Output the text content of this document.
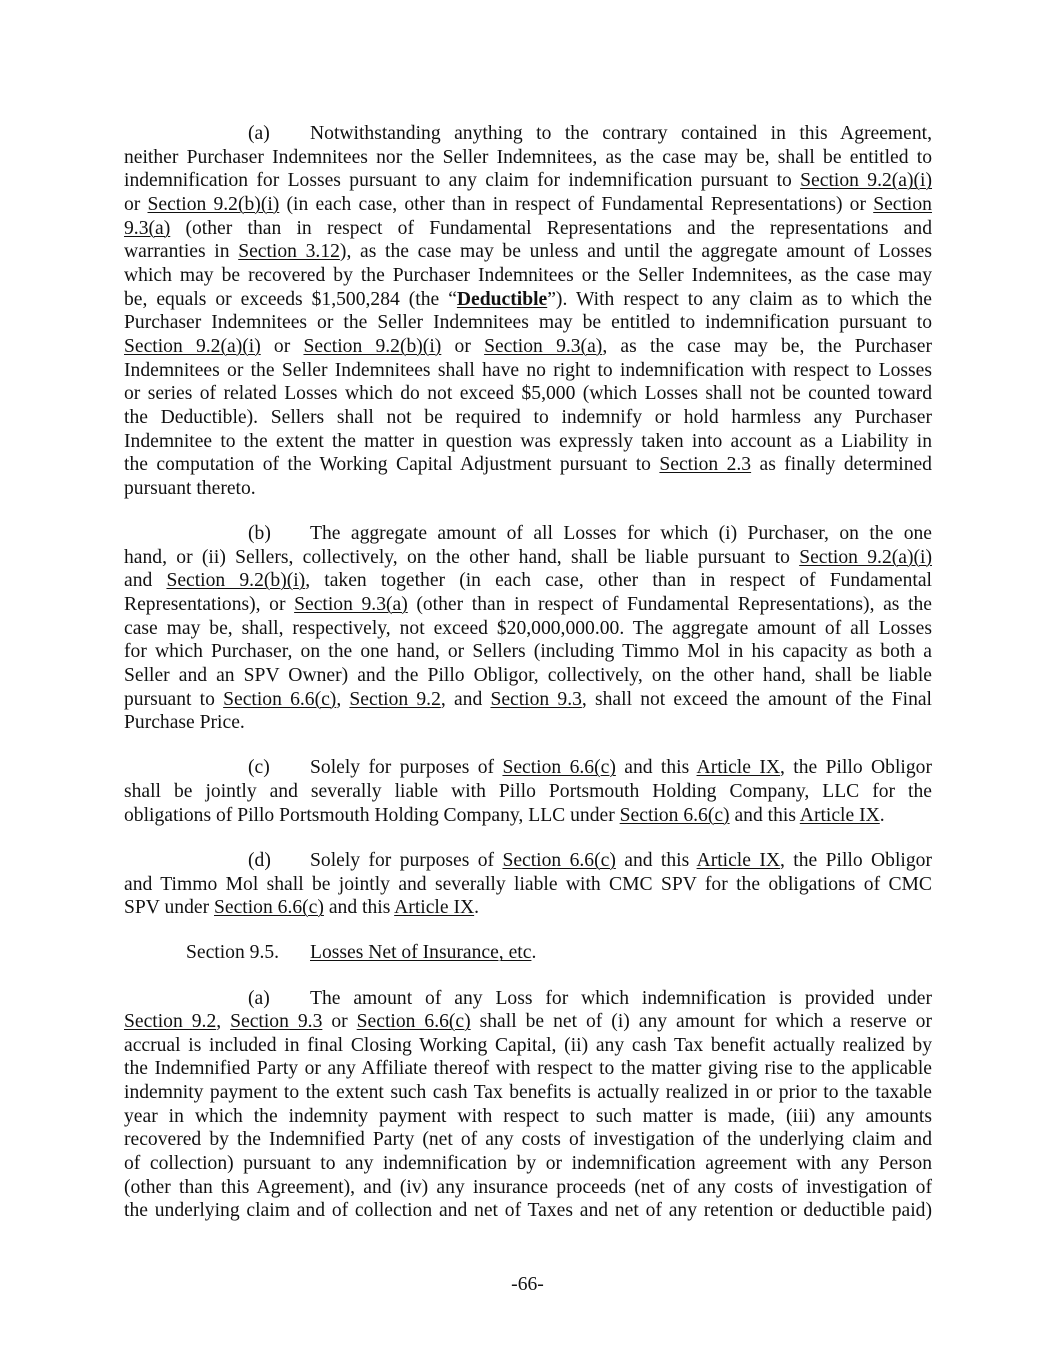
(a) Notwithstanding anything to the contrary contained in this Agreement,
neither Purchaser Indemnitees nor the Seller Indemnitees, as the case may be, shall be entitled to
indemnification for Losses pursuant to any claim for indemnification pursuant to Section 9.2(a)(i)
or Section 9.2(b)(i) (in each case, other than in respect of Fundamental Representations) or Section
9.3(a) (other than in respect of Fundamental Representations and the representations and
warranties in Section 3.12), as the case may be unless and until the aggregate amount of Losses
which may be recovered by the Purchaser Indemnitees or the Seller Indemnitees, as the case may
be, equals or exceeds $1,500,284 (the “Deductible”). With respect to any claim as to which the
Purchaser Indemnitees or the Seller Indemnitees may be entitled to indemnification pursuant to
Section 9.2(a)(i) or Section 9.2(b)(i) or Section 9.3(a), as the case may be, the Purchaser
Indemnitees or the Seller Indemnitees shall have no right to indemnification with respect to Losses
or series of related Losses which do not exceed $5,000 (which Losses shall not be counted toward
the Deductible). Sellers shall not be required to indemnify or hold harmless any Purchaser
Indemnitee to the extent the matter in question was expressly taken into account as a Liability in
the computation of the Working Capital Adjustment pursuant to Section 2.3 as finally determined
pursuant thereto.
(b) The aggregate amount of all Losses for which (i) Purchaser, on the one
hand, or (ii) Sellers, collectively, on the other hand, shall be liable pursuant to Section 9.2(a)(i)
and Section 9.2(b)(i), taken together (in each case, other than in respect of Fundamental
Representations), or Section 9.3(a) (other than in respect of Fundamental Representations), as the
case may be, shall, respectively, not exceed $20,000,000.00. The aggregate amount of all Losses
for which Purchaser, on the one hand, or Sellers (including Timmo Mol in his capacity as both a
Seller and an SPV Owner) and the Pillo Obligor, collectively, on the other hand, shall be liable
pursuant to Section 6.6(c), Section 9.2, and Section 9.3, shall not exceed the amount of the Final
Purchase Price.
(c) Solely for purposes of Section 6.6(c) and this Article IX, the Pillo Obligor
shall be jointly and severally liable with Pillo Portsmouth Holding Company, LLC for the
obligations of Pillo Portsmouth Holding Company, LLC under Section 6.6(c) and this Article IX.
(d) Solely for purposes of Section 6.6(c) and this Article IX, the Pillo Obligor
and Timmo Mol shall be jointly and severally liable with CMC SPV for the obligations of CMC
SPV under Section 6.6(c) and this Article IX.
Section 9.5. Losses Net of Insurance, etc.
(a) The amount of any Loss for which indemnification is provided under
Section 9.2, Section 9.3 or Section 6.6(c) shall be net of (i) any amount for which a reserve or
accrual is included in final Closing Working Capital, (ii) any cash Tax benefit actually realized by
the Indemnified Party or any Affiliate thereof with respect to the matter giving rise to the applicable
indemnity payment to the extent such cash Tax benefits is actually realized in or prior to the taxable
year in which the indemnity payment with respect to such matter is made, (iii) any amounts
recovered by the Indemnified Party (net of any costs of investigation of the underlying claim and
of collection) pursuant to any indemnification by or indemnification agreement with any Person
(other than this Agreement), and (iv) any insurance proceeds (net of any costs of investigation of
the underlying claim and of collection and net of Taxes and net of any retention or deductible paid)
-66-
